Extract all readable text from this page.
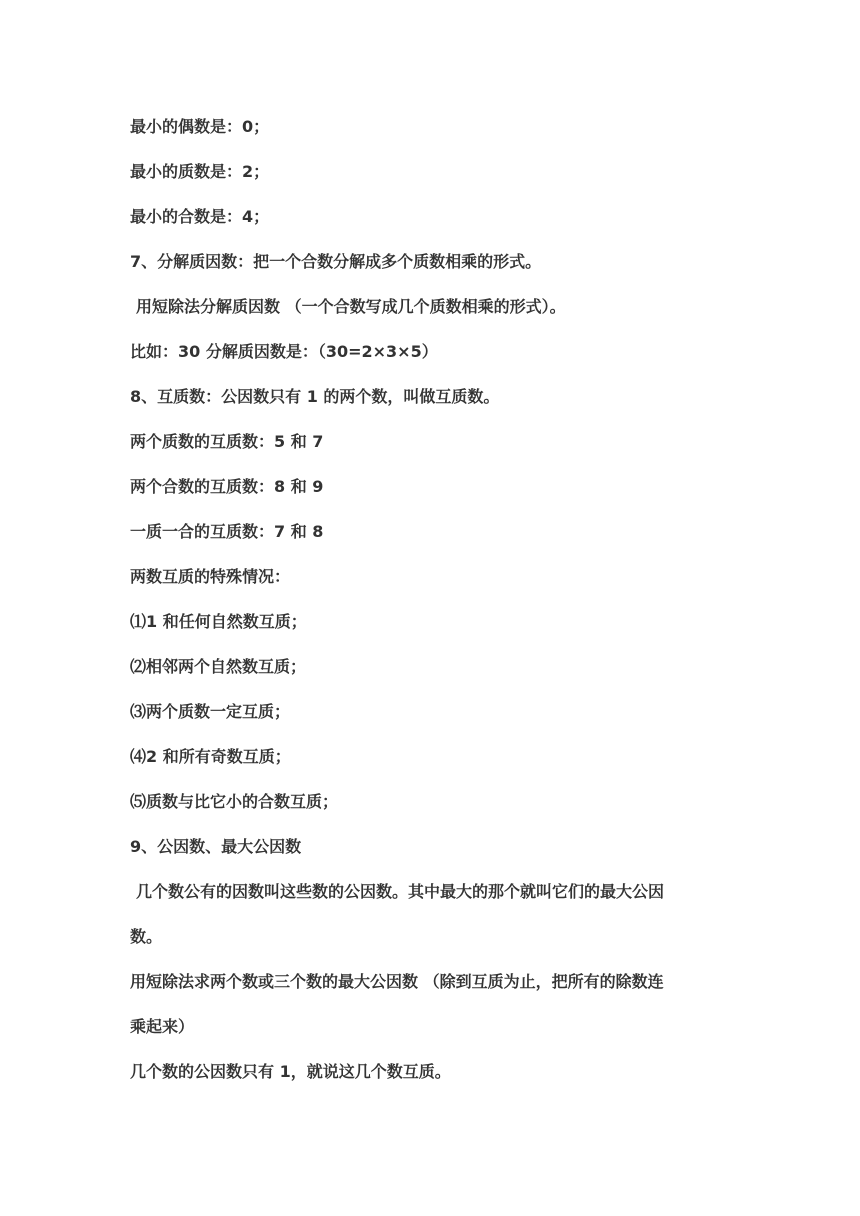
最小的偶数是：0；
最小的质数是：2；
最小的合数是：4；
7、分解质因数：把一个合数分解成多个质数相乘的形式。
用短除法分解质因数 （一个合数写成几个质数相乘的形式）。
比如：30 分解质因数是：（30=2×3×5）
8、互质数：公因数只有 1 的两个数，叫做互质数。
两个质数的互质数：5 和 7
两个合数的互质数：8 和 9
一质一合的互质数：7 和 8
两数互质的特殊情况：
⑴1 和任何自然数互质；
⑵相邻两个自然数互质；
⑶两个质数一定互质；
⑷2 和所有奇数互质；
⑸质数与比它小的合数互质；
9、公因数、最大公因数
几个数公有的因数叫这些数的公因数。其中最大的那个就叫它们的最大公因
数。
用短除法求两个数或三个数的最大公因数 （除到互质为止，把所有的除数连
乘起来）
几个数的公因数只有 1，就说这几个数互质。
